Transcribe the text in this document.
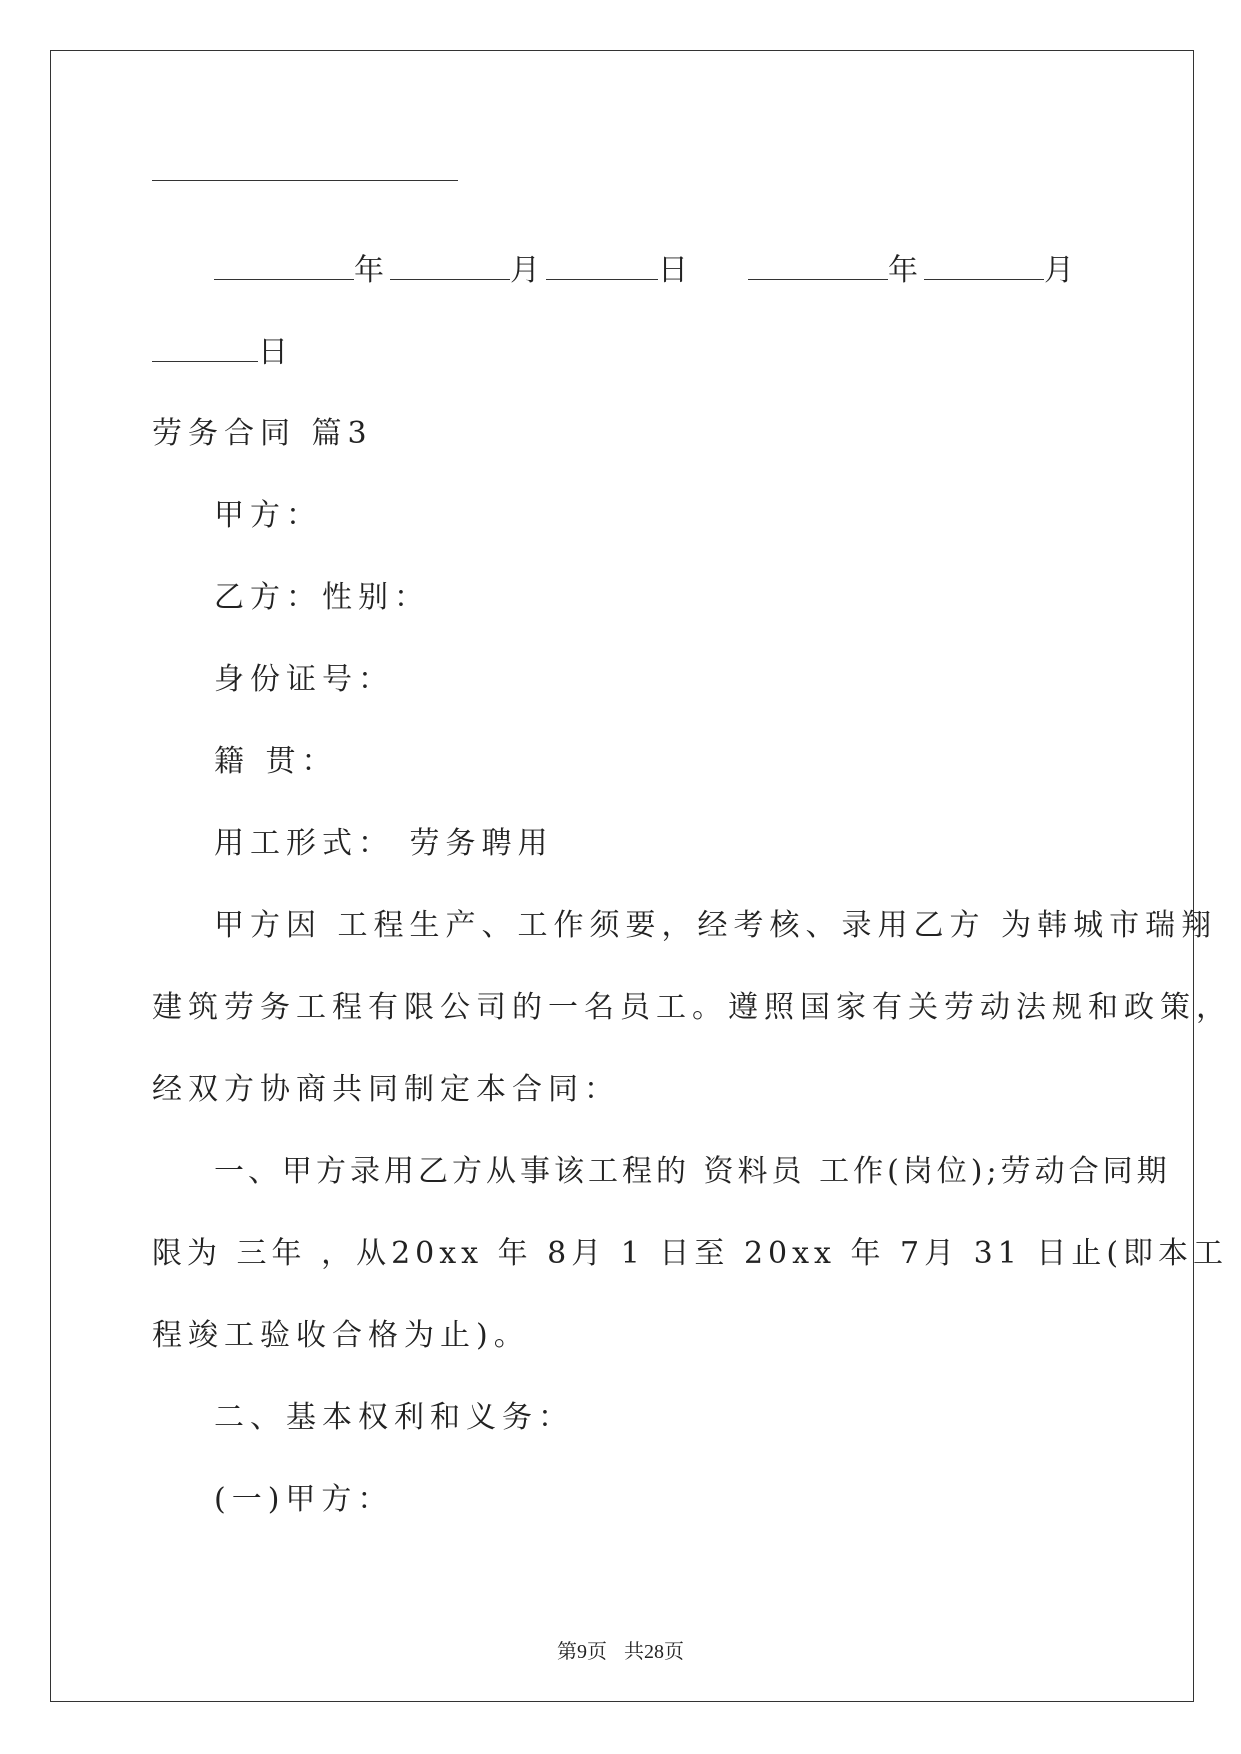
年	月	日	年	月
日
劳务合同 篇3
甲方：
乙方：性别：
身份证号：
籍 贯：
用工形式： 劳务聘用
甲方因 工程生产、工作须要，经考核、录用乙方 为韩城市瑞翔
建筑劳务工程有限公司的一名员工。遵照国家有关劳动法规和政策，
经双方协商共同制定本合同：
一、甲方录用乙方从事该工程的 资料员 工作(岗位);劳动合同期
限为 三年 ，从20xx 年 8月 1 日至 20xx 年 7月 31 日止(即本工
程竣工验收合格为止)。
二、基本权利和义务：
(一)甲方：
第9页 共28页
